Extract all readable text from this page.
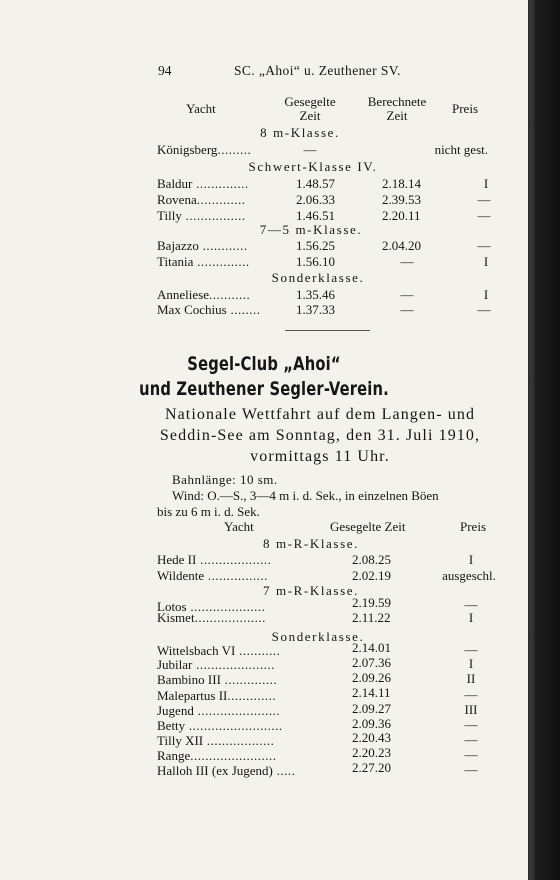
94	SC. „Ahoi“ u. Zeuthener SV.
Yacht	Gesegelte
Zeit
Berechnete
Zeit	Preis
8 m-Klasse.
Königsberg.........	—	nicht gest.
Schwert-Klasse IV.
Baldur ..............	1.48.57	2.18.14	I
Rovena.............	2.06.33	2.39.53	—
Tilly ................	1.46.51	2.20.11	—
7—5 m-Klasse.
Bajazzo ............	1.56.25	2.04.20	—
Titania ..............	1.56.10	—	I
Sonderklasse.
Anneliese...........	1.35.46	—	I
Max Cochius ........	1.37.33	—	—
Segel-Club „Ahoi“
und Zeuthener Segler-Verein.
Nationale Wettfahrt auf dem Langen- und
Seddin-See am Sonntag, den 31. Juli 1910,
vormittags 11 Uhr.
Bahnlänge: 10 sm.
Wind: O.—S., 3—4 m i. d. Sek., in einzelnen Böen
bis zu 6 m i. d. Sek.
Yacht	Gesegelte Zeit	Preis
8 m-R-Klasse.
Hede II ...................	2.08.25	I
Wildente ................	2.02.19	ausgeschl.
7 m-R-Klasse.
Lotos ....................	2.19.59	—
Kismet...................	2.11.22	I
Sonderklasse.
Wittelsbach VI ...........	2.14.01	—
Jubilar .....................	2.07.36	I
Bambino III ..............	2.09.26	II
Malepartus II.............	2.14.11	—
Jugend ......................	2.09.27	III
Betty .........................	2.09.36	—
Tilly XII ..................	2.20.43	—
Range.......................	2.20.23	—
Halloh III (ex Jugend) .....	2.27.20	—
